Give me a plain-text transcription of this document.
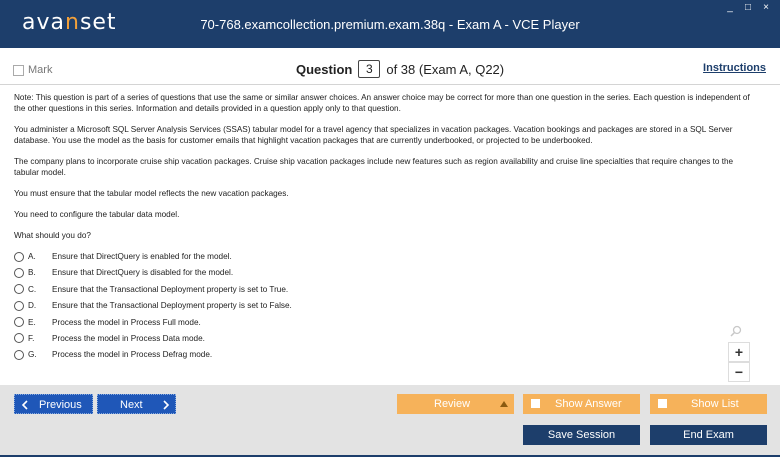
avanset	70-768.examcollection.premium.exam.38q - Exam A - VCE Player
_	□	×
Mark	Question	3	of 38 (Exam A, Q22)	Instructions

Note: This question is part of a series of questions that use the same or similar answer choices. An answer choice may be correct for more than one question in the series. Each question is independent of the other questions in this series. Information and details provided in a question apply only to that question.

You administer a Microsoft SQL Server Analysis Services (SSAS) tabular model for a travel agency that specializes in vacation packages. Vacation bookings and packages are stored in a SQL Server database. You use the model as the basis for customer emails that highlight vacation packages that are currently underbooked, or projected to be underbooked.

The company plans to incorporate cruise ship vacation packages. Cruise ship vacation packages include new features such as region availability and cruise line specialties that require changes to the tabular model.

You must ensure that the tabular model reflects the new vacation packages.

You need to configure the tabular data model.

What should you do?

A.	Ensure that DirectQuery is enabled for the model.
B.	Ensure that DirectQuery is disabled for the model.
C.	Ensure that the Transactional Deployment property is set to True.
D.	Ensure that the Transactional Deployment property is set to False.
E.	Process the model in Process Full mode.
F.	Process the model in Process Data mode.
G.	Process the model in Process Defrag mode.	+
−
Previous	Next	Review	Show Answer	Show List
Save Session	End Exam
